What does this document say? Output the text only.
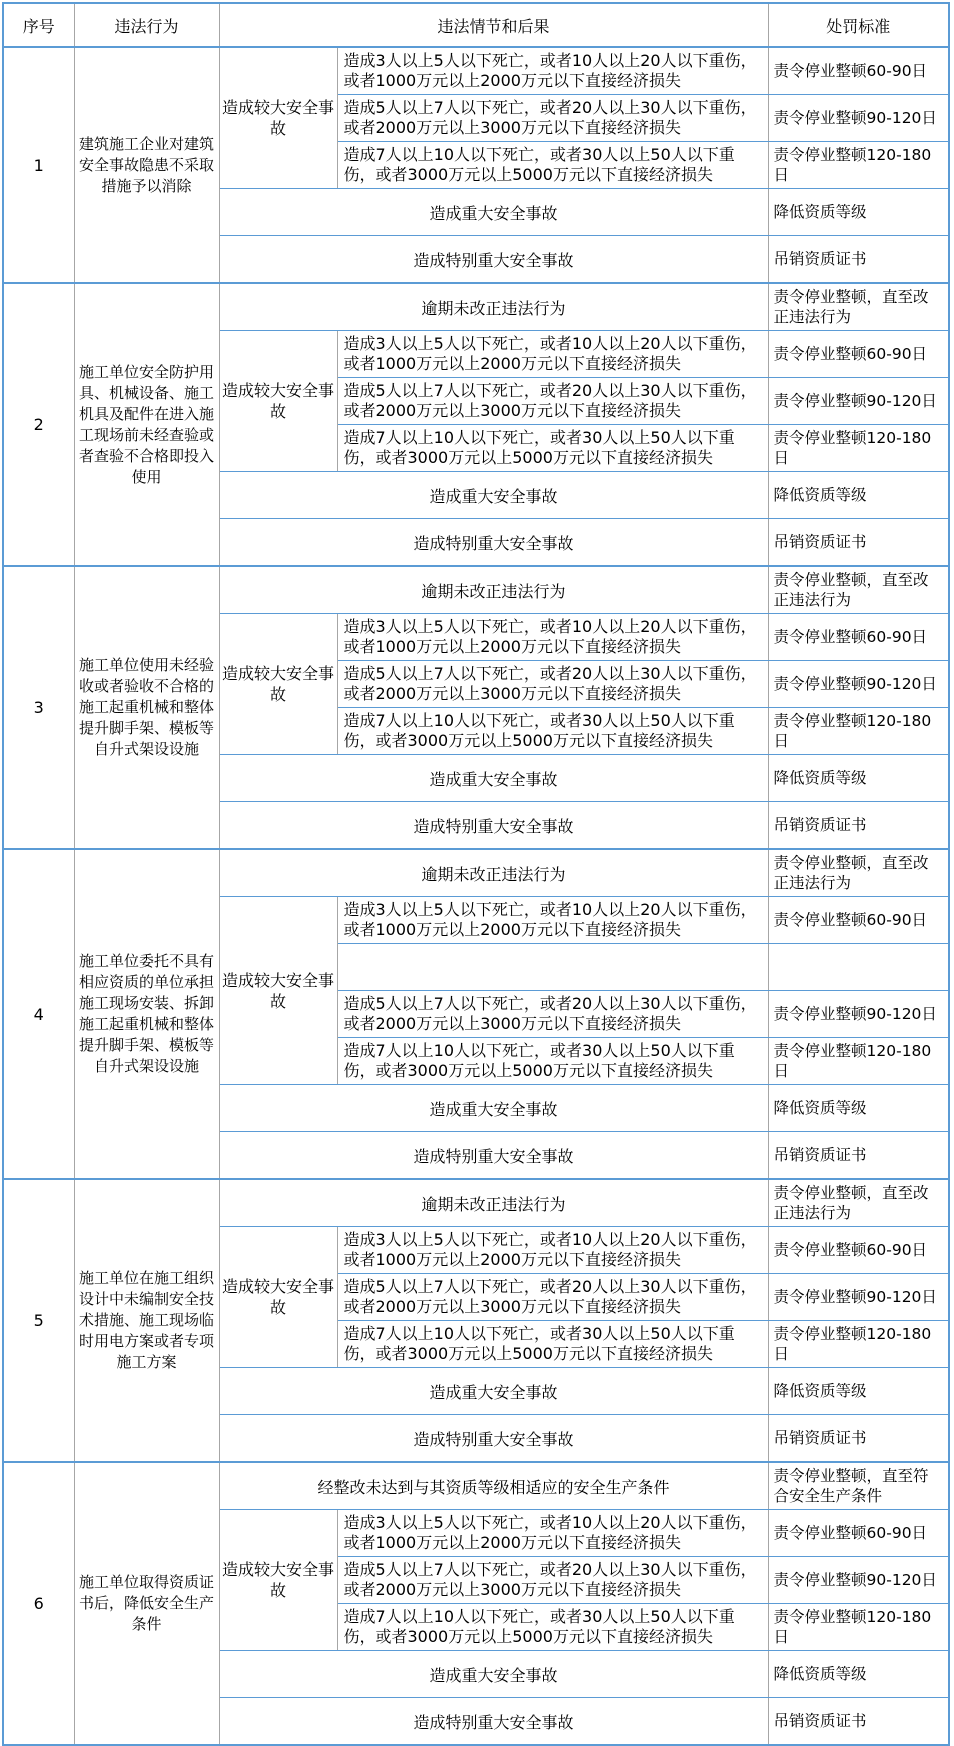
序号	违法行为	违法情节和后果		处罚标准
1	建筑施工企业对建筑安全事故隐患不采取措施予以消除	造成较大安全事故	造成3人以上5人以下死亡，或者10人以上20人以下重伤，或者1000万元以上2000万元以下直接经济损失	责令停业整顿60-90日
			造成5人以上7人以下死亡，或者20人以上30人以下重伤，或者2000万元以上3000万元以下直接经济损失	责令停业整顿90-120日
			造成7人以上10人以下死亡，或者30人以上50人以下重伤，或者3000万元以上5000万元以下直接经济损失	责令停业整顿120-180日
		造成重大安全事故		降低资质等级
		造成特别重大安全事故		吊销资质证书
2	施工单位安全防护用具、机械设备、施工机具及配件在进入施工现场前未经查验或者查验不合格即投入使用	逾期未改正违法行为		责令停业整顿，直至改正违法行为
		造成较大安全事故	造成3人以上5人以下死亡，或者10人以上20人以下重伤，或者1000万元以上2000万元以下直接经济损失	责令停业整顿60-90日
			造成5人以上7人以下死亡，或者20人以上30人以下重伤，或者2000万元以上3000万元以下直接经济损失	责令停业整顿90-120日
			造成7人以上10人以下死亡，或者30人以上50人以下重伤，或者3000万元以上5000万元以下直接经济损失	责令停业整顿120-180日
		造成重大安全事故		降低资质等级
		造成特别重大安全事故		吊销资质证书
3	施工单位使用未经验收或者验收不合格的施工起重机械和整体提升脚手架、模板等自升式架设设施	逾期未改正违法行为		责令停业整顿，直至改正违法行为
		造成较大安全事故	造成3人以上5人以下死亡，或者10人以上20人以下重伤，或者1000万元以上2000万元以下直接经济损失	责令停业整顿60-90日
			造成5人以上7人以下死亡，或者20人以上30人以下重伤，或者2000万元以上3000万元以下直接经济损失	责令停业整顿90-120日
			造成7人以上10人以下死亡，或者30人以上50人以下重伤，或者3000万元以上5000万元以下直接经济损失	责令停业整顿120-180日
		造成重大安全事故		降低资质等级
		造成特别重大安全事故		吊销资质证书
4	施工单位委托不具有相应资质的单位承担施工现场安装、拆卸施工起重机械和整体提升脚手架、模板等自升式架设设施	逾期未改正违法行为		责令停业整顿，直至改正违法行为
		造成较大安全事故	造成3人以上5人以下死亡，或者10人以上20人以下重伤，或者1000万元以上2000万元以下直接经济损失	责令停业整顿60-90日

			造成5人以上7人以下死亡，或者20人以上30人以下重伤，或者2000万元以上3000万元以下直接经济损失	责令停业整顿90-120日
			造成7人以上10人以下死亡，或者30人以上50人以下重伤，或者3000万元以上5000万元以下直接经济损失	责令停业整顿120-180日
		造成重大安全事故		降低资质等级
		造成特别重大安全事故		吊销资质证书
5	施工单位在施工组织设计中未编制安全技术措施、施工现场临时用电方案或者专项施工方案	逾期未改正违法行为		责令停业整顿，直至改正违法行为
		造成较大安全事故	造成3人以上5人以下死亡，或者10人以上20人以下重伤，或者1000万元以上2000万元以下直接经济损失	责令停业整顿60-90日
			造成5人以上7人以下死亡，或者20人以上30人以下重伤，或者2000万元以上3000万元以下直接经济损失	责令停业整顿90-120日
			造成7人以上10人以下死亡，或者30人以上50人以下重伤，或者3000万元以上5000万元以下直接经济损失	责令停业整顿120-180日
		造成重大安全事故		降低资质等级
		造成特别重大安全事故		吊销资质证书
6	施工单位取得资质证书后，降低安全生产条件	经整改未达到与其资质等级相适应的安全生产条件		责令停业整顿，直至符合安全生产条件
		造成较大安全事故	造成3人以上5人以下死亡，或者10人以上20人以下重伤，或者1000万元以上2000万元以下直接经济损失	责令停业整顿60-90日
			造成5人以上7人以下死亡，或者20人以上30人以下重伤，或者2000万元以上3000万元以下直接经济损失	责令停业整顿90-120日
			造成7人以上10人以下死亡，或者30人以上50人以下重伤，或者3000万元以上5000万元以下直接经济损失	责令停业整顿120-180日
		造成重大安全事故		降低资质等级
		造成特别重大安全事故		吊销资质证书
